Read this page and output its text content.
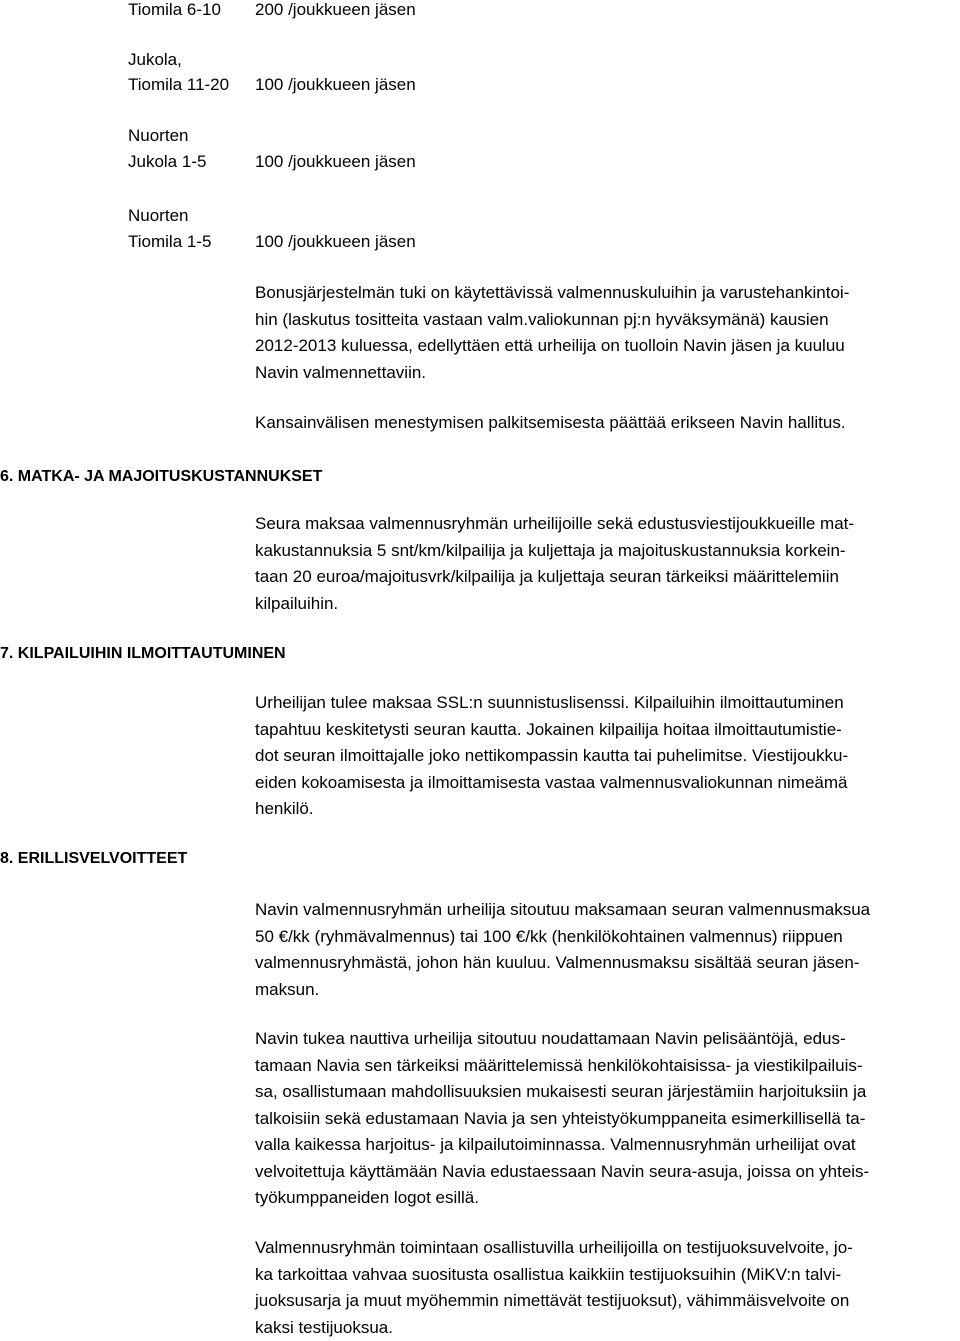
Tiomila 6-10 200 /joukkueen jäsen
Jukola,
Tiomila 11-20 100 /joukkueen jäsen
Nuorten
Jukola 1-5	100 /joukkueen jäsen
Nuorten
Tiomila 1-5	100 /joukkueen jäsen

Bonusjärjestelmän tuki on käytettävissä valmennuskuluihin ja varustehankintoi-
hin (laskutus tositteita vastaan valm.valiokunnan pj:n hyväksymänä) kausien
2012-2013 kuluessa, edellyttäen että urheilija on tuolloin Navin jäsen ja kuuluu
Navin valmennettaviin.

Kansainvälisen menestymisen palkitsemisesta päättää erikseen Navin hallitus.

6. MATKA- JA MAJOITUSKUSTANNUKSET

Seura maksaa valmennusryhmän urheilijoille sekä edustusviestijoukkueille mat-
kakustannuksia 5 snt/km/kilpailija ja kuljettaja ja majoituskustannuksia korkein-
taan 20 euroa/majoitusvrk/kilpailija ja kuljettaja seuran tärkeiksi määrittelemiin
kilpailuihin.

7. KILPAILUIHIN ILMOITTAUTUMINEN

Urheilijan tulee maksaa SSL:n suunnistuslisenssi. Kilpailuihin ilmoittautuminen
tapahtuu keskitetysti seuran kautta. Jokainen kilpailija hoitaa ilmoittautumistie-
dot seuran ilmoittajalle joko nettikompassin kautta tai puhelimitse. Viestijoukku-
eiden kokoamisesta ja ilmoittamisesta vastaa valmennusvaliokunnan nimeämä
henkilö.

8. ERILLISVELVOITTEET

Navin valmennusryhmän urheilija sitoutuu maksamaan seuran valmennusmaksua
50 €/kk (ryhmävalmennus) tai 100 €/kk (henkilökohtainen valmennus) riippuen
valmennusryhmästä, johon hän kuuluu. Valmennusmaksu sisältää seuran jäsen-
maksun.

Navin tukea nauttiva urheilija sitoutuu noudattamaan Navin pelisääntöjä, edus-
tamaan Navia sen tärkeiksi määrittelemissä henkilökohtaisissa- ja viestikilpailuis-
sa, osallistumaan mahdollisuuksien mukaisesti seuran järjestämiin harjoituksiin ja
talkoisiin sekä edustamaan Navia ja sen yhteistyökumppaneita esimerkillisellä ta-
valla kaikessa harjoitus- ja kilpailutoiminnassa. Valmennusryhmän urheilijat ovat
velvoitettuja käyttämään Navia edustaessaan Navin seura-asuja, joissa on yhteis-
työkumppaneiden logot esillä.

Valmennusryhmän toimintaan osallistuvilla urheilijoilla on testijuoksuvelvoite, jo-
ka tarkoittaa vahvaa suositusta osallistua kaikkiin testijuoksuihin (MiKV:n talvi-
juoksusarja ja muut myöhemmin nimettävät testijuoksut), vähimmäisvelvoite on
kaksi testijuoksua.
